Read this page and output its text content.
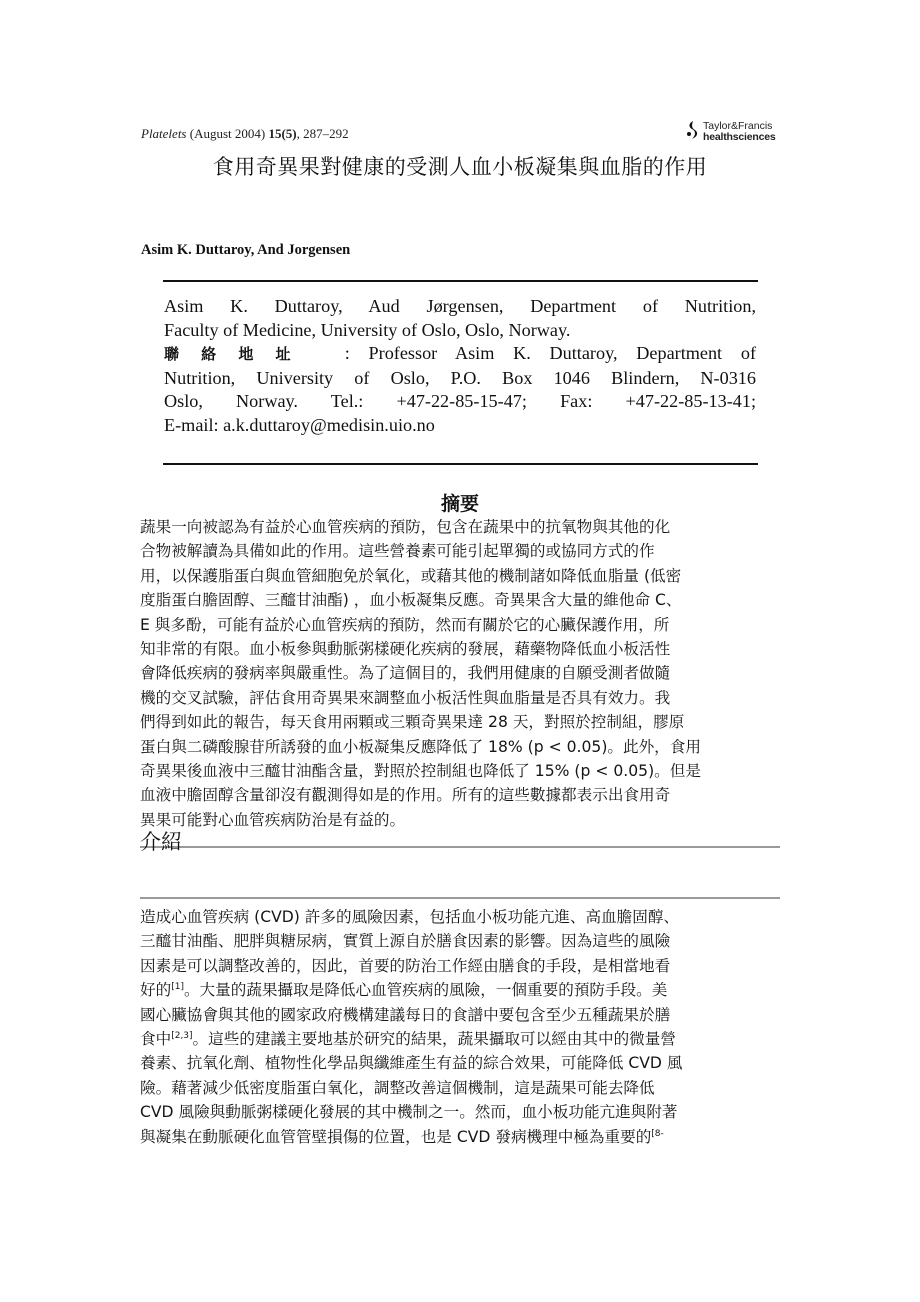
Platelets (August 2004) 15(5), 287–292	Taylor&Francis
healthsciences
食用奇異果對健康的受測人血小板凝集與血脂的作用
Asim K. Duttaroy, And Jorgensen

Asim K. Duttaroy, Aud Jørgensen, Department of Nutrition,

Faculty of Medicine, University of Oslo, Oslo, Norway.

聯絡地址 : Professor Asim K. Duttaroy, Department of

Nutrition, University of Oslo, P.O. Box 1046 Blindern, N-0316

Oslo, Norway. Tel.: +47-22-85-15-47; Fax: +47-22-85-13-41;

E-mail: a.k.duttaroy@medisin.uio.no

摘要

蔬果一向被認為有益於心血管疾病的預防，包含在蔬果中的抗氧物與其他的化

合物被解讀為具備如此的作用。這些營養素可能引起單獨的或協同方式的作

用，以保護脂蛋白與血管細胞免於氧化，或藉其他的機制諸如降低血脂量 (低密

度脂蛋白膽固醇、三醯甘油酯) ，血小板凝集反應。奇異果含大量的維他命 C、

E 與多酚，可能有益於心血管疾病的預防，然而有關於它的心臟保護作用，所

知非常的有限。血小板參與動脈粥樣硬化疾病的發展，藉藥物降低血小板活性

會降低疾病的發病率與嚴重性。為了這個目的，我們用健康的自願受測者做隨

機的交叉試驗，評估食用奇異果來調整血小板活性與血脂量是否具有效力。我

們得到如此的報告，每天食用兩顆或三顆奇異果達 28 天，對照於控制組，膠原

蛋白與二磷酸腺苷所誘發的血小板凝集反應降低了 18% (p < 0.05)。此外，食用

奇異果後血液中三醯甘油酯含量，對照於控制組也降低了 15% (p < 0.05)。但是

血液中膽固醇含量卻沒有觀測得如是的作用。所有的這些數據都表示出食用奇

異果可能對心血管疾病防治是有益的。

介紹

造成心血管疾病 (CVD) 許多的風險因素，包括血小板功能亢進、高血膽固醇、

三醯甘油酯、肥胖與糖尿病，實質上源自於膳食因素的影響。因為這些的風險

因素是可以調整改善的，因此，首要的防治工作經由膳食的手段，是相當地看

好的[1]。大量的蔬果攝取是降低心血管疾病的風險，一個重要的預防手段。美

國心臟協會與其他的國家政府機構建議每日的食譜中要包含至少五種蔬果於膳

食中[2,3]。這些的建議主要地基於研究的結果，蔬果攝取可以經由其中的微量營

養素、抗氧化劑、植物性化學品與纖維產生有益的綜合效果，可能降低 CVD 風

險。藉著減少低密度脂蛋白氧化，調整改善這個機制，這是蔬果可能去降低

CVD 風險與動脈粥樣硬化發展的其中機制之一。然而，血小板功能亢進與附著

與凝集在動脈硬化血管管壁損傷的位置，也是 CVD 發病機理中極為重要的$^{[8-}$
